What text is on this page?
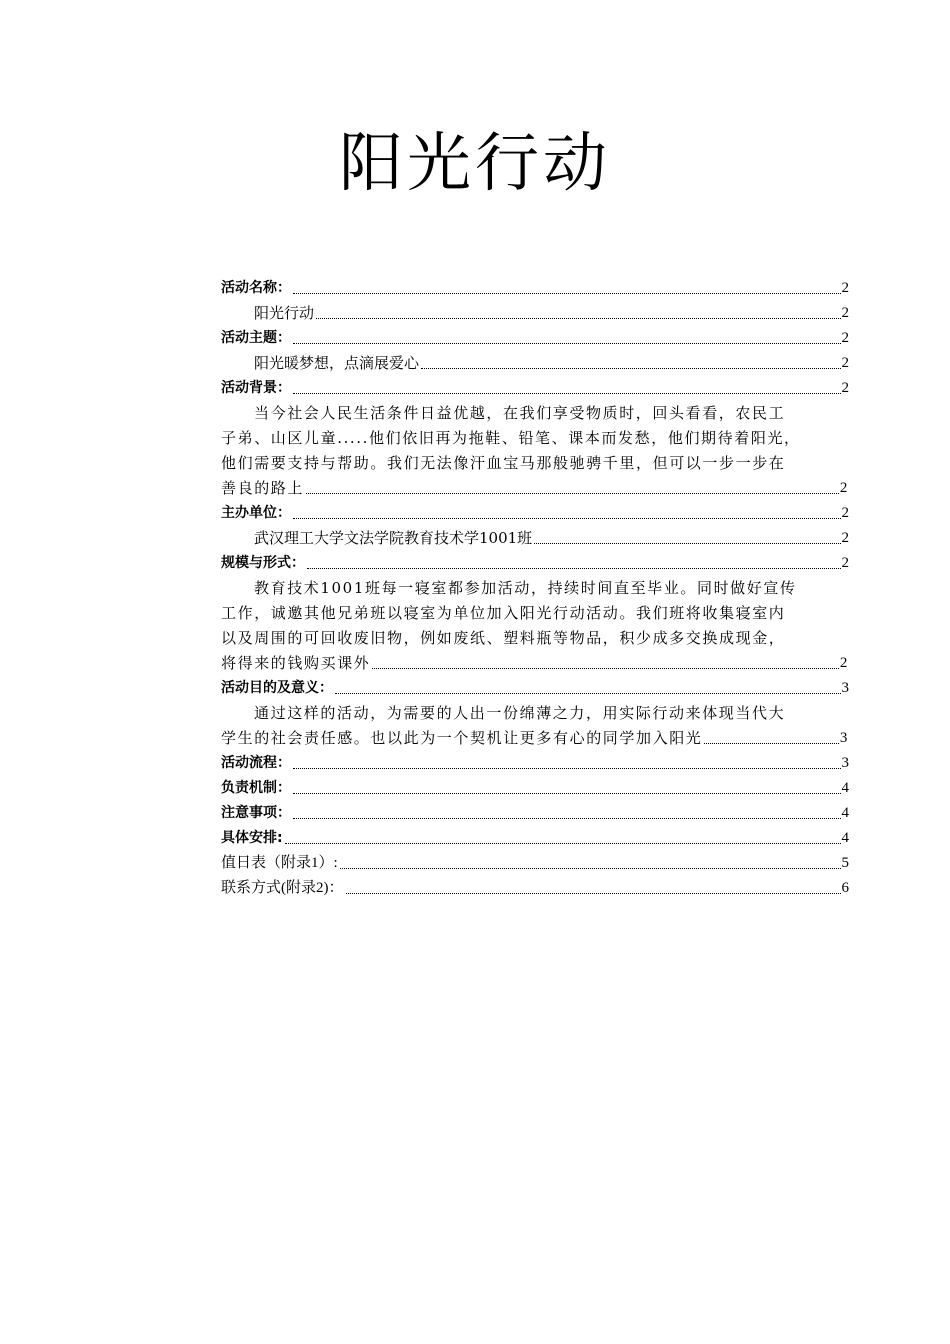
阳光行动
活动名称：	2
阳光行动	2
活动主题：	2
阳光暖梦想，点滴展爱心	2
活动背景：	2
当今社会人民生活条件日益优越，在我们享受物质时，回头看看，农民工
子弟、山区儿童.....他们依旧再为拖鞋、铅笔、课本而发愁，他们期待着阳光，
他们需要支持与帮助。我们无法像汗血宝马那般驰骋千里，但可以一步一步在
善良的路上	2
主办单位：	2
武汉理工大学文法学院教育技术学1001班	2
规模与形式：	2
教育技术1001班每一寝室都参加活动，持续时间直至毕业。同时做好宣传
工作，诚邀其他兄弟班以寝室为单位加入阳光行动活动。我们班将收集寝室内
以及周围的可回收废旧物，例如废纸、塑料瓶等物品，积少成多交换成现金，
将得来的钱购买课外	2
活动目的及意义：	3
通过这样的活动，为需要的人出一份绵薄之力，用实际行动来体现当代大
学生的社会责任感。也以此为一个契机让更多有心的同学加入阳光	3
活动流程：	3
负责机制：	4
注意事项：	4
具体安排:	4
值日表（附录1）:	5
联系方式(附录2)：	6
